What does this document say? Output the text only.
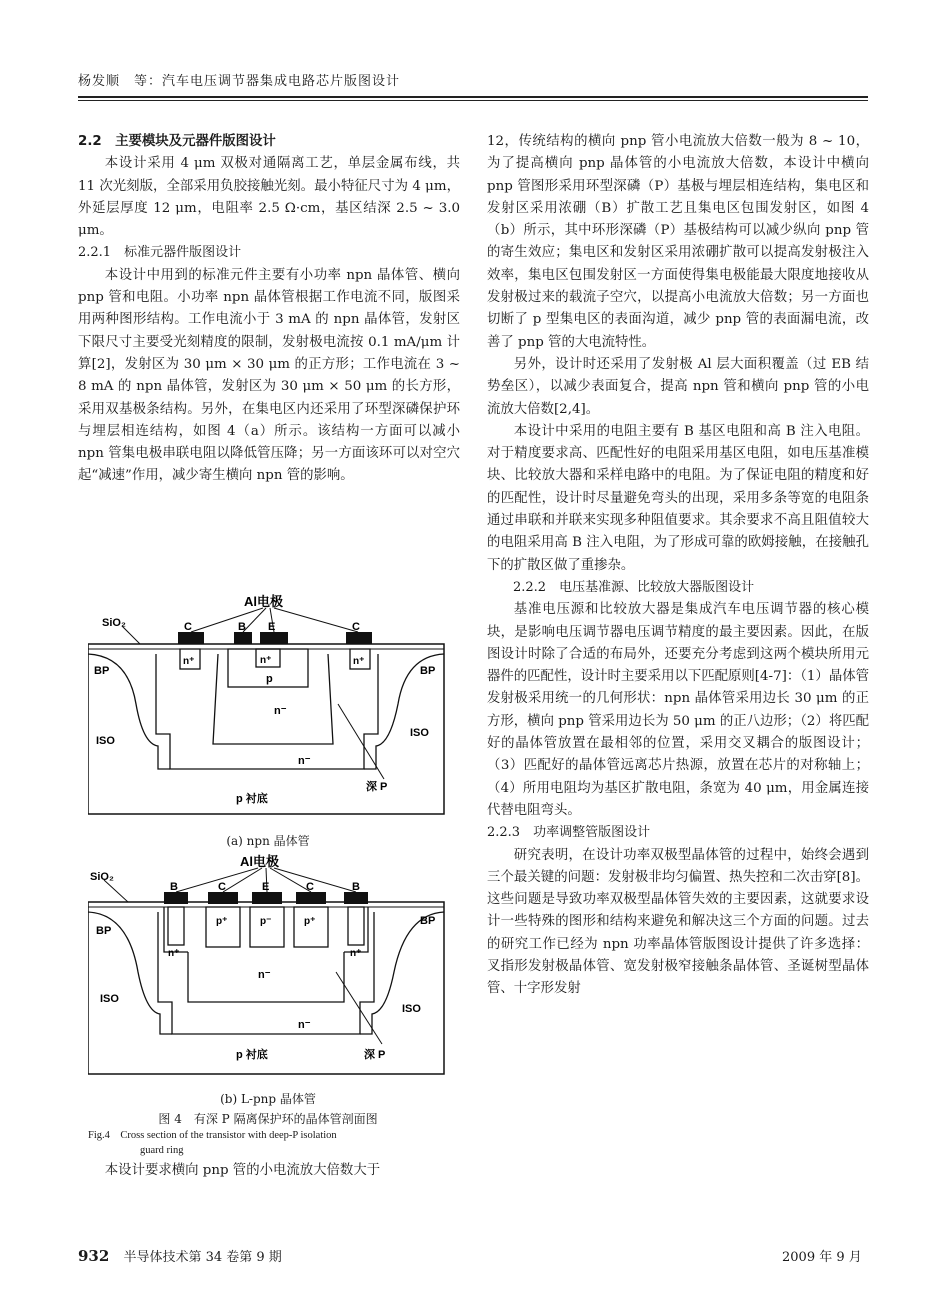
杨发顺　等：汽车电压调节器集成电路芯片版图设计

2.2　主要模块及元器件版图设计

本设计采用 4 μm 双极对通隔离工艺，单层金属布线，共 11 次光刻版，全部采用负胶接触光刻。最小特征尺寸为 4 μm，外延层厚度 12 μm，电阻率 2.5 Ω·cm，基区结深 2.5 ~ 3.0 μm。

2.2.1　标准元器件版图设计

本设计中用到的标准元件主要有小功率 npn 晶体管、横向 pnp 管和电阻。小功率 npn 晶体管根据工作电流不同，版图采用两种图形结构。工作电流小于 3 mA 的 npn 晶体管，发射区下限尺寸主要受光刻精度的限制，发射极电流按 0.1 mA/μm 计算[2]，发射区为 30 μm × 30 μm 的正方形；工作电流在 3 ~ 8 mA 的 npn 晶体管，发射区为 30 μm × 50 μm 的长方形，采用双基极条结构。另外，在集电区内还采用了环型深磷保护环与埋层相连结构，如图 4（a）所示。该结构一方面可以减小 npn 管集电极串联电阻以降低管压降；另一方面该环可以对空穴起“减速”作用，减少寄生横向 npn 管的影响。

Al电极
SiO₂	C	B E	C
n⁺	n⁺	n⁺
p
n⁻
n⁻
BP	BP
ISO
ISO
p 衬底
深 P
(a) npn 晶体管
Al电极
SiO₂
B	C	E	C	B
p⁺	p⁻	p⁺
n⁺	n⁺
n⁻
n⁻
BP
BP
ISO
ISO
p 衬底	深 P
(b) L-pnp 晶体管
图 4　有深 P 隔离保护环的晶体管剖面图
Fig.4　Cross section of the transistor with deep-P isolation
guard ring

本设计要求横向 pnp 管的小电流放大倍数大于

12，传统结构的横向 pnp 管小电流放大倍数一般为 8 ~ 10，为了提高横向 pnp 晶体管的小电流放大倍数，本设计中横向 pnp 管图形采用环型深磷（P）基极与埋层相连结构，集电区和发射区采用浓硼（B）扩散工艺且集电区包围发射区，如图 4（b）所示，其中环形深磷（P）基极结构可以减少纵向 pnp 管的寄生效应；集电区和发射区采用浓硼扩散可以提高发射极注入效率，集电区包围发射区一方面使得集电极能最大限度地接收从发射极过来的载流子空穴，以提高小电流放大倍数；另一方面也切断了 p 型集电区的表面沟道，减少 pnp 管的表面漏电流，改善了 pnp 管的大电流特性。

另外，设计时还采用了发射极 Al 层大面积覆盖（过 EB 结势垒区），以减少表面复合，提高 npn 管和横向 pnp 管的小电流放大倍数[2,4]。

本设计中采用的电阻主要有 B 基区电阻和高 B 注入电阻。对于精度要求高、匹配性好的电阻采用基区电阻，如电压基准模块、比较放大器和采样电路中的电阻。为了保证电阻的精度和好的匹配性，设计时尽量避免弯头的出现，采用多条等宽的电阻条通过串联和并联来实现多种阻值要求。其余要求不高且阻值较大的电阻采用高 B 注入电阻，为了形成可靠的欧姆接触，在接触孔下的扩散区做了重掺杂。

2.2.2　电压基准源、比较放大器版图设计

基准电压源和比较放大器是集成汽车电压调节器的核心模块，是影响电压调节器电压调节精度的最主要因素。因此，在版图设计时除了合适的布局外，还要充分考虑到这两个模块所用元器件的匹配性，设计时主要采用以下匹配原则[4-7]：（1）晶体管发射极采用统一的几何形状：npn 晶体管采用边长 30 μm 的正方形，横向 pnp 管采用边长为 50 μm 的正八边形；（2）将匹配好的晶体管放置在最相邻的位置，采用交叉耦合的版图设计；（3）匹配好的晶体管远离芯片热源，放置在芯片的对称轴上；（4）所用电阻均为基区扩散电阻，条宽为 40 μm，用金属连接代替电阻弯头。

2.2.3　功率调整管版图设计

研究表明，在设计功率双极型晶体管的过程中，始终会遇到三个最关键的问题：发射极非均匀偏置、热失控和二次击穿[8]。这些问题是导致功率双极型晶体管失效的主要因素，这就要求设计一些特殊的图形和结构来避免和解决这三个方面的问题。过去的研究工作已经为 npn 功率晶体管版图设计提供了许多选择：叉指形发射极晶体管、宽发射极窄接触条晶体管、圣诞树型晶体管、十字形发射

932 半导体技术第 34 卷第 9 期	2009 年 9 月
